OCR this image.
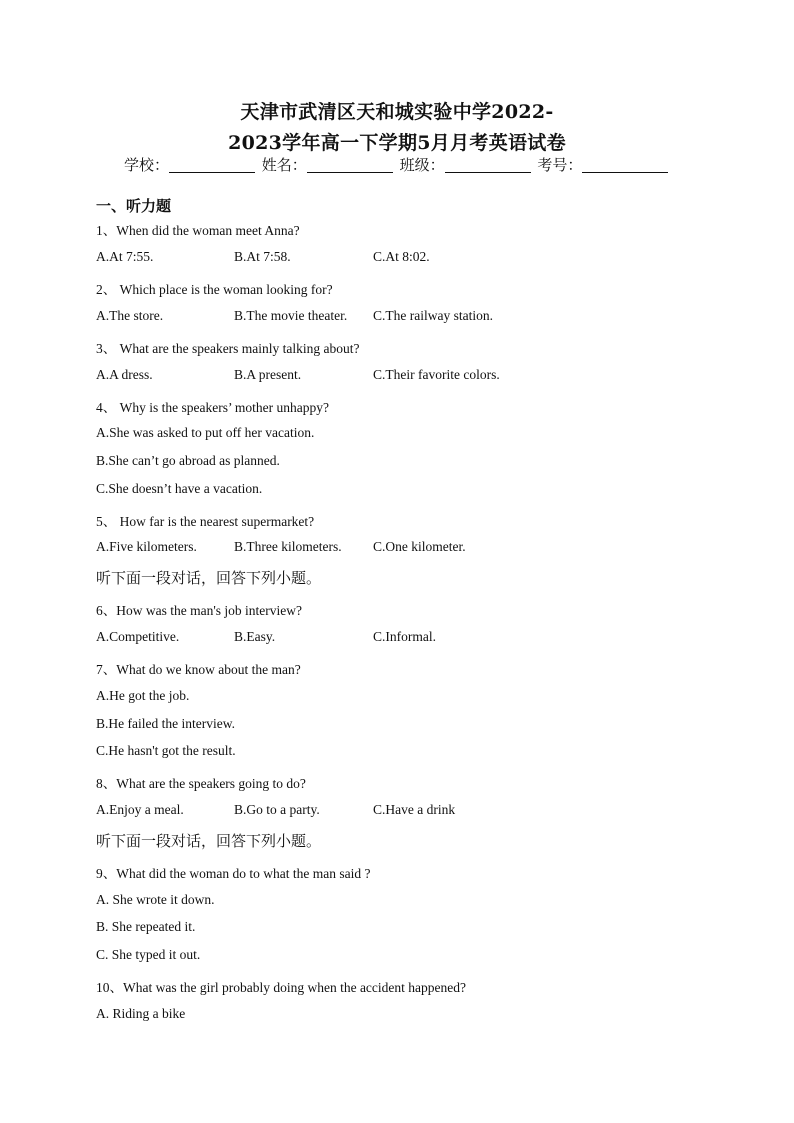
天津市武清区天和城实验中学2022-
2023学年高一下学期5月月考英语试卷
学校：	姓名：	班级：	考号：
一、听力题
1、When did the woman meet Anna?
A.At 7:55.	B.At 7:58.	C.At 8:02.
2、 Which place is the woman looking for?
A.The store.	B.The movie theater. C.The railway station.
3、 What are the speakers mainly talking about?
A.A dress.	B.A present.	C.Their favorite colors.
4、 Why is the speakers’ mother unhappy?
A.She was asked to put off her vacation.
B.She can’t go abroad as planned.
C.She doesn’t have a vacation.
5、 How far is the nearest supermarket?
A.Five kilometers.	B.Three kilometers. C.One kilometer.
听下面一段对话，回答下列小题。
6、How was the man's job interview?
A.Competitive.	B.Easy.	C.Informal.
7、What do we know about the man?
A.He got the job.
B.He failed the interview.
C.He hasn't got the result.
8、What are the speakers going to do?
A.Enjoy a meal.	B.Go to a party.	C.Have a drink
听下面一段对话，回答下列小题。
9、What did the woman do to what the man said ?
A. She wrote it down.
B. She repeated it.
C. She typed it out.
10、What was the girl probably doing when the accident happened?
A. Riding a bike
